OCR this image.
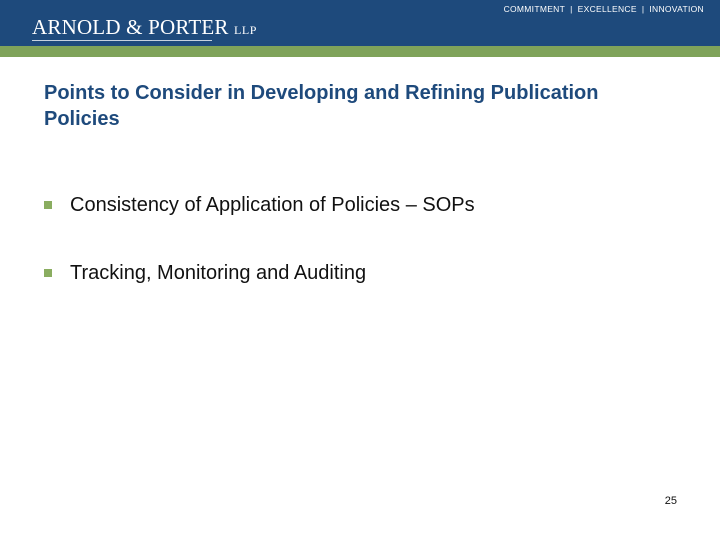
ARNOLD & PORTER LLP
COMMITMENT | EXCELLENCE | INNOVATION
Points to Consider in Developing and Refining Publication Policies
Consistency of Application of Policies – SOPs
Tracking, Monitoring and Auditing
25
